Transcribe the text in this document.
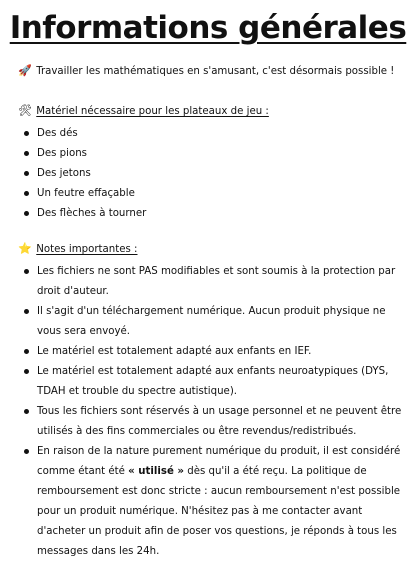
Informations générales
🚀 Travailler les mathématiques en s'amusant, c'est désormais possible !
🛠 Matériel nécessaire pour les plateaux de jeu :
Des dés
Des pions
Des jetons
Un feutre effaçable
Des flèches à tourner
⭐ Notes importantes :
Les fichiers ne sont PAS modifiables et sont soumis à la protection par droit d'auteur.
Il s'agit d'un téléchargement numérique. Aucun produit physique ne vous sera envoyé.
Le matériel est totalement adapté aux enfants en IEF.
Le matériel est totalement adapté aux enfants neuroatypiques (DYS, TDAH et trouble du spectre autistique).
Tous les fichiers sont réservés à un usage personnel et ne peuvent être utilisés à des fins commerciales ou être revendus/redistribués.
En raison de la nature purement numérique du produit, il est considéré comme étant été « utilisé » dès qu'il a été reçu. La politique de remboursement est donc stricte : aucun remboursement n'est possible pour un produit numérique. N'hésitez pas à me contacter avant d'acheter un produit afin de poser vos questions, je réponds à tous les messages dans les 24h.
